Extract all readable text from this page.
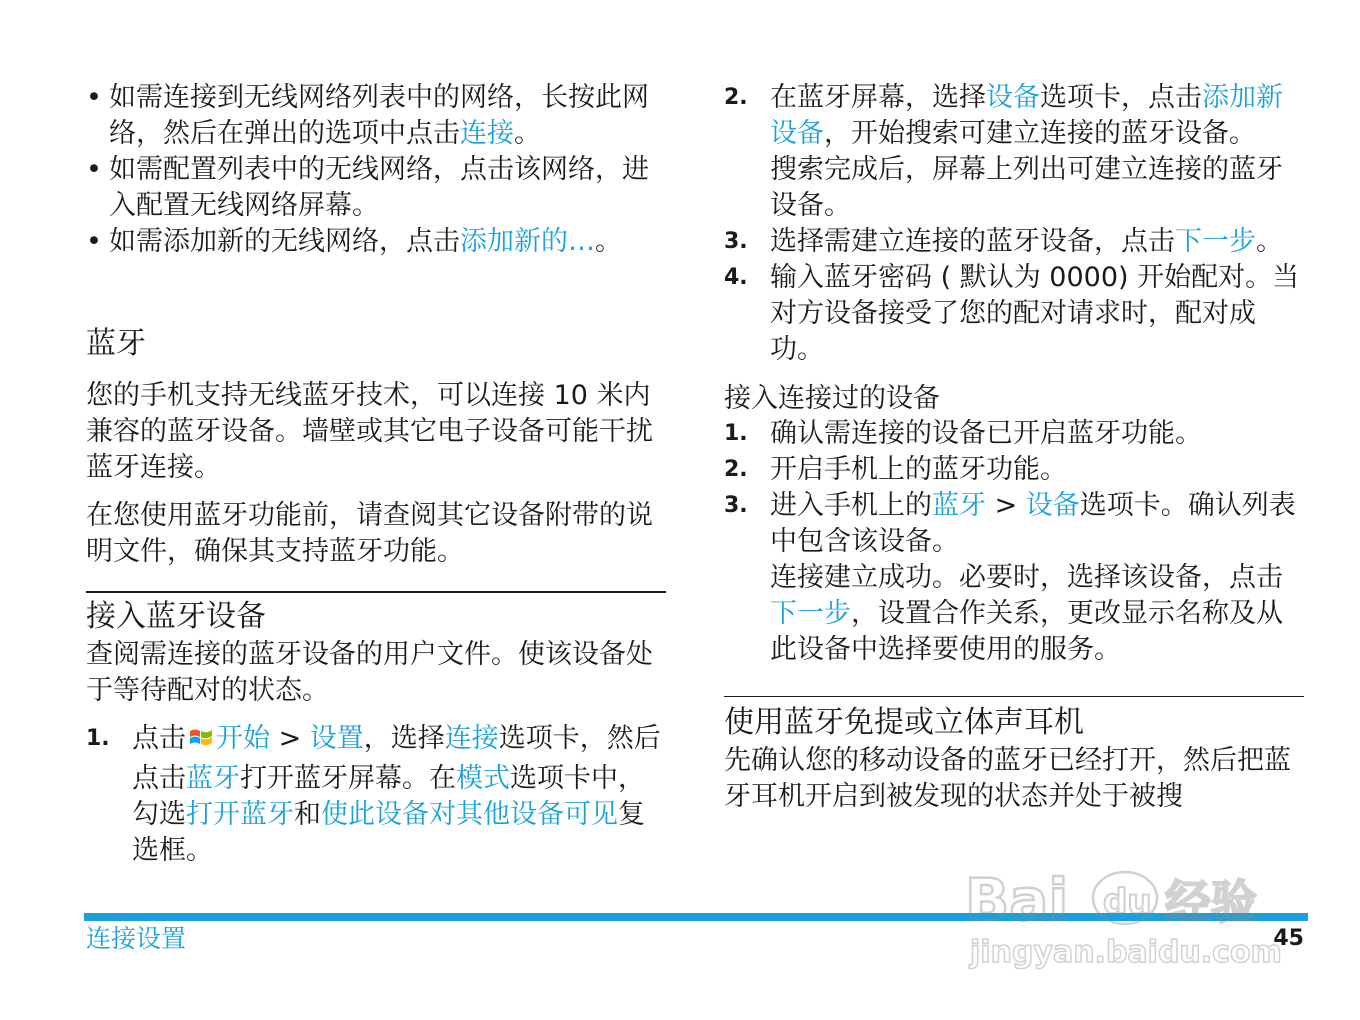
• 如需连接到无线网络列表中的网络，长按此网络，然后在弹出的选项中点击连接。
• 如需配置列表中的无线网络，点击该网络，进入配置无线网络屏幕。
• 如需添加新的无线网络，点击添加新的…。
蓝牙

您的手机支持无线蓝牙技术，可以连接 10 米内兼容的蓝牙设备。墙壁或其它电子设备可能干扰蓝牙连接。

在您使用蓝牙功能前，请查阅其它设备附带的说明文件，确保其支持蓝牙功能。

接入蓝牙设备

查阅需连接的蓝牙设备的用户文件。使该设备处于等待配对的状态。

1. 点击 开始 > 设置，选择连接选项卡，然后点击蓝牙打开蓝牙屏幕。在模式选项卡中，勾选打开蓝牙和使此设备对其他设备可见复选框。
2. 在蓝牙屏幕，选择设备选项卡，点击添加新设备，开始搜索可建立连接的蓝牙设备。

搜索完成后，屏幕上列出可建立连接的蓝牙设备。

3. 选择需建立连接的蓝牙设备，点击下一步。
4. 输入蓝牙密码 ( 默认为 0000) 开始配对。当对方设备接受了您的配对请求时，配对成功。
接入连接过的设备
1. 确认需连接的设备已开启蓝牙功能。
2. 开启手机上的蓝牙功能。
3. 进入手机上的蓝牙 > 设备选项卡。确认列表中包含该设备。

连接建立成功。必要时，选择该设备，点击下一步，设置合作关系，更改显示名称及从此设备中选择要使用的服务。

使用蓝牙免提或立体声耳机

先确认您的移动设备的蓝牙已经打开，然后把蓝牙耳机开启到被发现的状态并处于被搜

连接设置	45
Bai du 经验
jingyan.baidu.com
